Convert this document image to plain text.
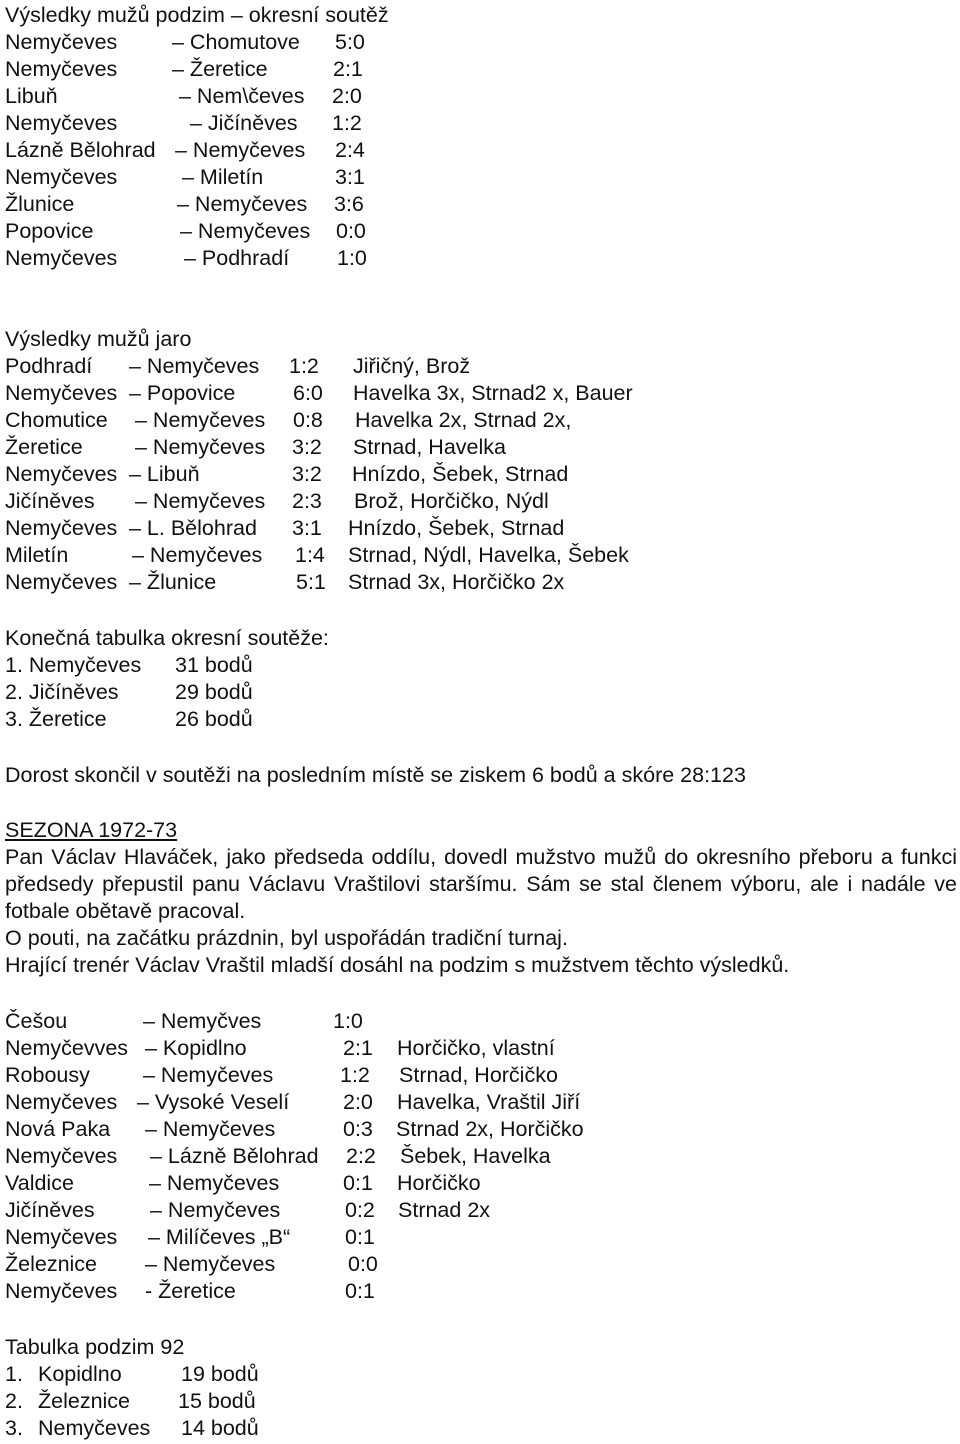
Výsledky mužů podzim – okresní soutěž
Nemyčeves	– Chomutove 5:0
Nemyčeves	– Žeretice	2:1
Libuň	– Nem\čeves 2:0
Nemyčeves	– Jičíněves 1:2
Lázně Bělohrad – Nemyčeves 2:4
Nemyčeves	– Miletín	3:1
Žlunice	– Nemyčeves 3:6
Popovice	– Nemyčeves 0:0
Nemyčeves	– Podhradí 1:0
Výsledky mužů jaro
Podhradí – Nemyčeves 1:2 Jiřičný, Brož
Nemyčeves – Popovice	6:0 Havelka 3x, Strnad2 x, Bauer
Chomutice – Nemyčeves 0:8 Havelka 2x, Strnad 2x,
Žeretice – Nemyčeves 3:2 Strnad, Havelka
Nemyčeves – Libuň	3:2 Hnízdo, Šebek, Strnad
Jičíněves – Nemyčeves 2:3 Brož, Horčičko, Nýdl
Nemyčeves – L. Bělohrad 3:1 Hnízdo, Šebek, Strnad
Miletín	– Nemyčeves 1:4 Strnad, Nýdl, Havelka, Šebek
Nemyčeves – Žlunice	5:1 Strnad 3x, Horčičko 2x
Konečná tabulka okresní soutěže:
1. Nemyčeves 31 bodů
2. Jičíněves	29 bodů
3. Žeretice	26 bodů
Dorost skončil v soutěži na posledním místě se ziskem 6 bodů a skóre 28:123
SEZONA 1972-73
Pan Václav Hlaváček, jako předseda oddílu, dovedl mužstvo mužů do okresního přeboru a funkci předsedy přepustil panu Václavu Vraštilovi staršímu. Sám se stal členem výboru, ale i nadále ve fotbale obětavě pracoval.
O pouti, na začátku prázdnin, byl uspořádán tradiční turnaj.
Hrající trenér Václav Vraštil mladší dosáhl na podzim s mužstvem těchto výsledků.
Češou	– Nemyčves	1:0
Nemyčevves – Kopidlno	2:1 Horčičko, vlastní
Robousy – Nemyčeves	1:2 Strnad, Horčičko
Nemyčeves – Vysoké Veselí	2:0 Havelka, Vraštil Jiří
Nová Paka – Nemyčeves	0:3 Strnad 2x, Horčičko
Nemyčeves – Lázně Bělohrad 2:2 Šebek, Havelka
Valdice	– Nemyčeves	0:1 Horčičko
Jičíněves	– Nemyčeves	0:2 Strnad 2x
Nemyčeves – Milíčeves „B“	0:1
Železnice – Nemyčeves	0:0
Nemyčeves - Žeretice	0:1
Tabulka podzim 92
1. Kopidlno	19 bodů
2. Železnice 15 bodů
3. Nemyčeves 14 bodů
